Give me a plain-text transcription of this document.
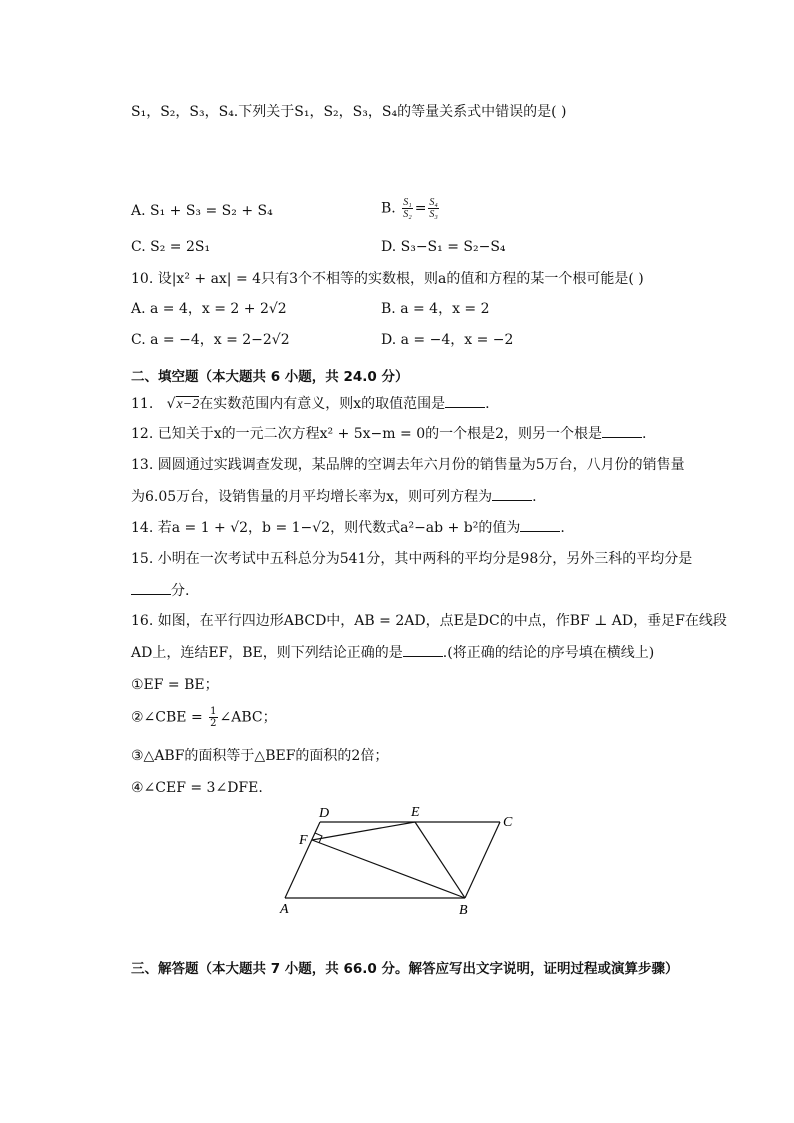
S₁，S₂，S₃，S₄.下列关于S₁，S₂，S₃，S₄的等量关系式中错误的是( )
A. S₁ + S₃ = S₂ + S₄	B. $\frac{\text{S₁}}{\text{S₂}} = \frac{\text{S₄}}{\text{S₃}}$
C. S₂ = 2S₁	D. S₃−S₁ = S₂−S₄
10. 设|x² + ax| = 4只有3个不相等的实数根，则a的值和方程的某一个根可能是( )
A. a = 4，x = 2 + 2√2	B. a = 4，x = 2
C. a = −4，x = 2−2√2	D. a = −4，x = −2
二、填空题（本大题共 6 小题，共 24.0 分）
11.   √x−2在实数范围内有意义，则x的取值范围是	.
12. 已知关于x的一元二次方程x² + 5x−m = 0的一个根是2，则另一个根是	.
13. 圆圆通过实践调查发现，某品牌的空调去年六月份的销售量为5万台，八月份的销售量
为6.05万台，设销售量的月平均增长率为x，则可列方程为	.
14. 若a = 1 + √2，b = 1−√2，则代数式a²−ab + b²的值为	.
15. 小明在一次考试中五科总分为541分，其中两科的平均分是98分，另外三科的平均分是
分.
16. 如图，在平行四边形ABCD中，AB = 2AD，点E是DC的中点，作BF ⊥ AD，垂足F在线段
AD上，连结EF，BE，则下列结论正确的是	.(将正确的结论的序号填在横线上)
①EF = BE；
②∠CBE = $\frac{1}{2}$ ∠ABC；
③△ABF的面积等于△BEF的面积的2倍；
④∠CEF = 3∠DFE.
A	B
C
D	E
F
三、解答题（本大题共 7 小题，共 66.0 分。解答应写出文字说明，证明过程或演算步骤）
